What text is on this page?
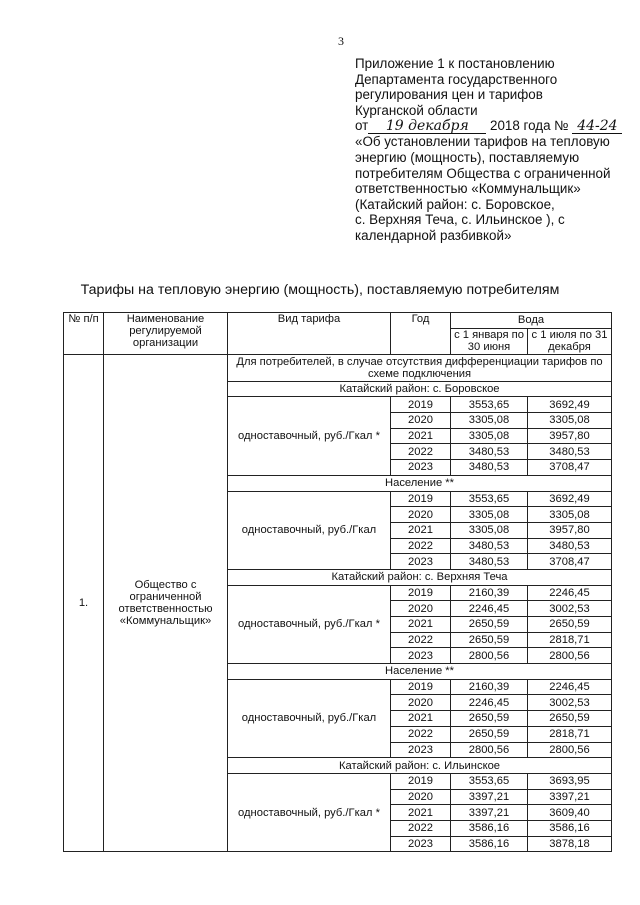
3
Приложение 1 к постановлению
Департамента государственного
регулирования цен и тарифов
Курганской области
от 19 декабря 2018 года № 44-24
«Об установлении тарифов на тепловую
энергию (мощность), поставляемую
потребителям Общества с ограниченной
ответственностью «Коммунальщик»
(Катайский район: с. Боровское,
с. Верхняя Теча, с. Ильинское ), с
календарной разбивкой»
Тарифы на тепловую энергию (мощность), поставляемую потребителям
№ п/п	Наименование регулируемой организации	Вид тарифа	Год	Вода	
				с 1 января по 30 июня	с 1 июля по 31 декабря
1.	Общество с ограниченной ответственностью «Коммунальщик»	Для потребителей, в случае отсутствия дифференциации тарифов по схеме подключения			
		Катайский район: с. Боровское			
		одноставочный, руб./Гкал *	2019	3553,65	3692,49
			2020	3305,08	3305,08
			2021	3305,08	3957,80
			2022	3480,53	3480,53
			2023	3480,53	3708,47
		Население **			
		одноставочный, руб./Гкал	2019	3553,65	3692,49
			2020	3305,08	3305,08
			2021	3305,08	3957,80
			2022	3480,53	3480,53
			2023	3480,53	3708,47
		Катайский район: с. Верхняя Теча			
		одноставочный, руб./Гкал *	2019	2160,39	2246,45
			2020	2246,45	3002,53
			2021	2650,59	2650,59
			2022	2650,59	2818,71
			2023	2800,56	2800,56
		Население **			
		одноставочный, руб./Гкал	2019	2160,39	2246,45
			2020	2246,45	3002,53
			2021	2650,59	2650,59
			2022	2650,59	2818,71
			2023	2800,56	2800,56
		Катайский район: с. Ильинское			
		одноставочный, руб./Гкал *	2019	3553,65	3693,95
			2020	3397,21	3397,21
			2021	3397,21	3609,40
			2022	3586,16	3586,16
			2023	3586,16	3878,18
